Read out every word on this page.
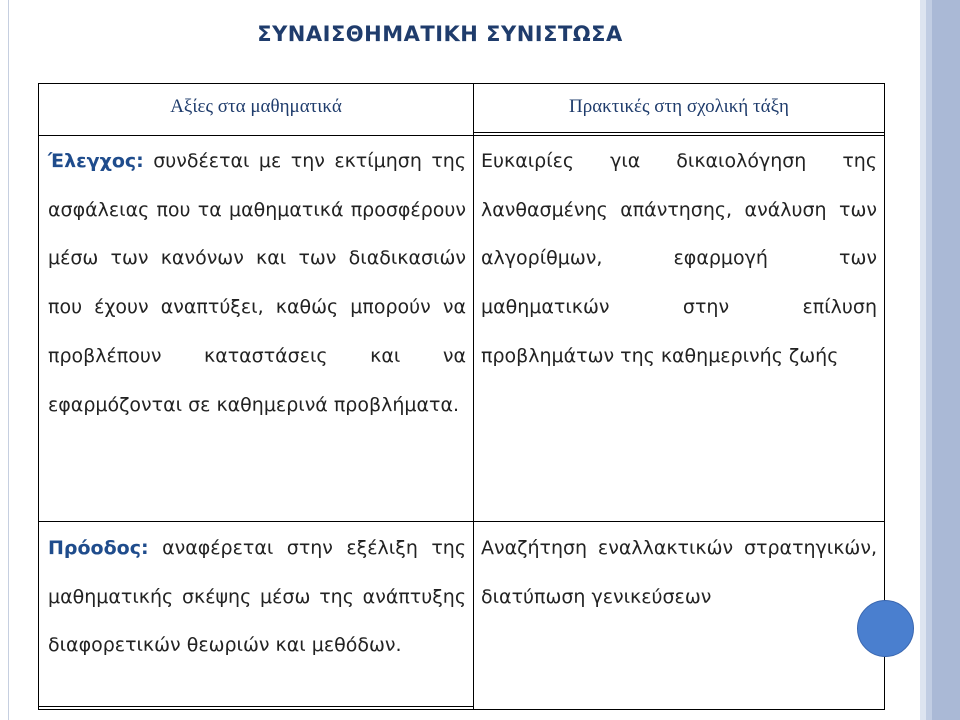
ΣΥΝΑΙΣΘΗΜΑΤΙΚΗ ΣΥΝΙΣΤΩΣΑ
Αξίες στα μαθηματικά	Πρακτικές στη σχολική τάξη
Έλεγχος: συνδέεται με την εκτίμηση της ασφάλειας που τα μαθηματικά προσφέρουν μέσω των κανόνων και των διαδικασιών που έχουν αναπτύξει, καθώς μπορούν να προβλέπουν καταστάσεις και να εφαρμόζονται σε καθημερινά προβλήματα.
Ευκαιρίες για δικαιολόγηση της λανθασμένης απάντησης, ανάλυση των αλγορίθμων, εφαρμογή των μαθηματικών στην επίλυση προβλημάτων της καθημερινής ζωής
Πρόοδος: αναφέρεται στην εξέλιξη της μαθηματικής σκέψης μέσω της ανάπτυξης διαφορετικών θεωριών και μεθόδων.
Αναζήτηση εναλλακτικών στρατηγικών, διατύπωση γενικεύσεων
